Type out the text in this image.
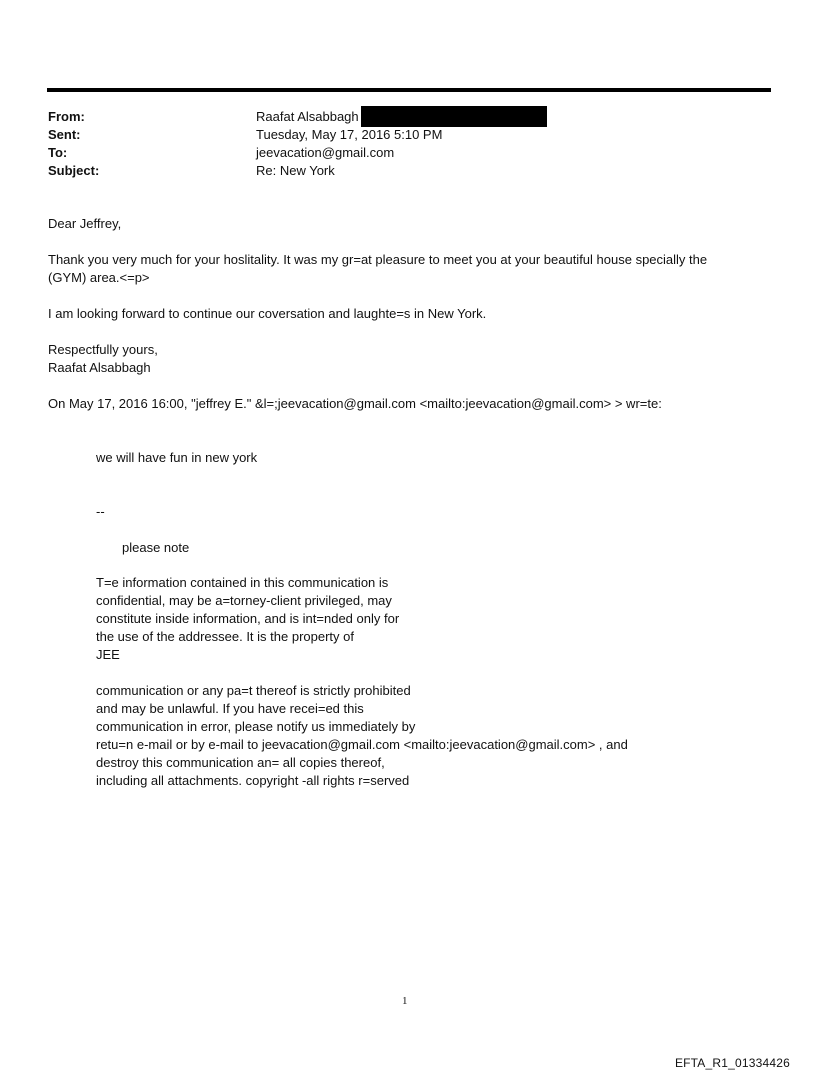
From:	Raafat Alsabbagh
Sent:	Tuesday, May 17, 2016 5:10 PM
To:	jeevacation@gmail.com
Subject:	Re: New York
Dear Jeffrey,
Thank you very much for your hoslitality. It was my gr=at pleasure to meet you at your beautiful house specially the
(GYM) area.<=p>
I am looking forward to continue our coversation and laughte=s in New York.
Respectfully yours,
Raafat Alsabbagh
On May 17, 2016 16:00, "jeffrey E." &l=;jeevacation@gmail.com <mailto:jeevacation@gmail.com> > wr=te:
we will have fun in new york
--
please note
T=e information contained in this communication is
confidential, may be a=torney-client privileged, may
constitute inside information, and is int=nded only for
the use of the addressee. It is the property of
JEE
communication or any pa=t thereof is strictly prohibited
and may be unlawful. If you have recei=ed this
communication in error, please notify us immediately by
retu=n e-mail or by e-mail to jeevacation@gmail.com <mailto:jeevacation@gmail.com> , and
destroy this communication an= all copies thereof,
including all attachments. copyright -all rights r=served
1
EFTA_R1_01334426
